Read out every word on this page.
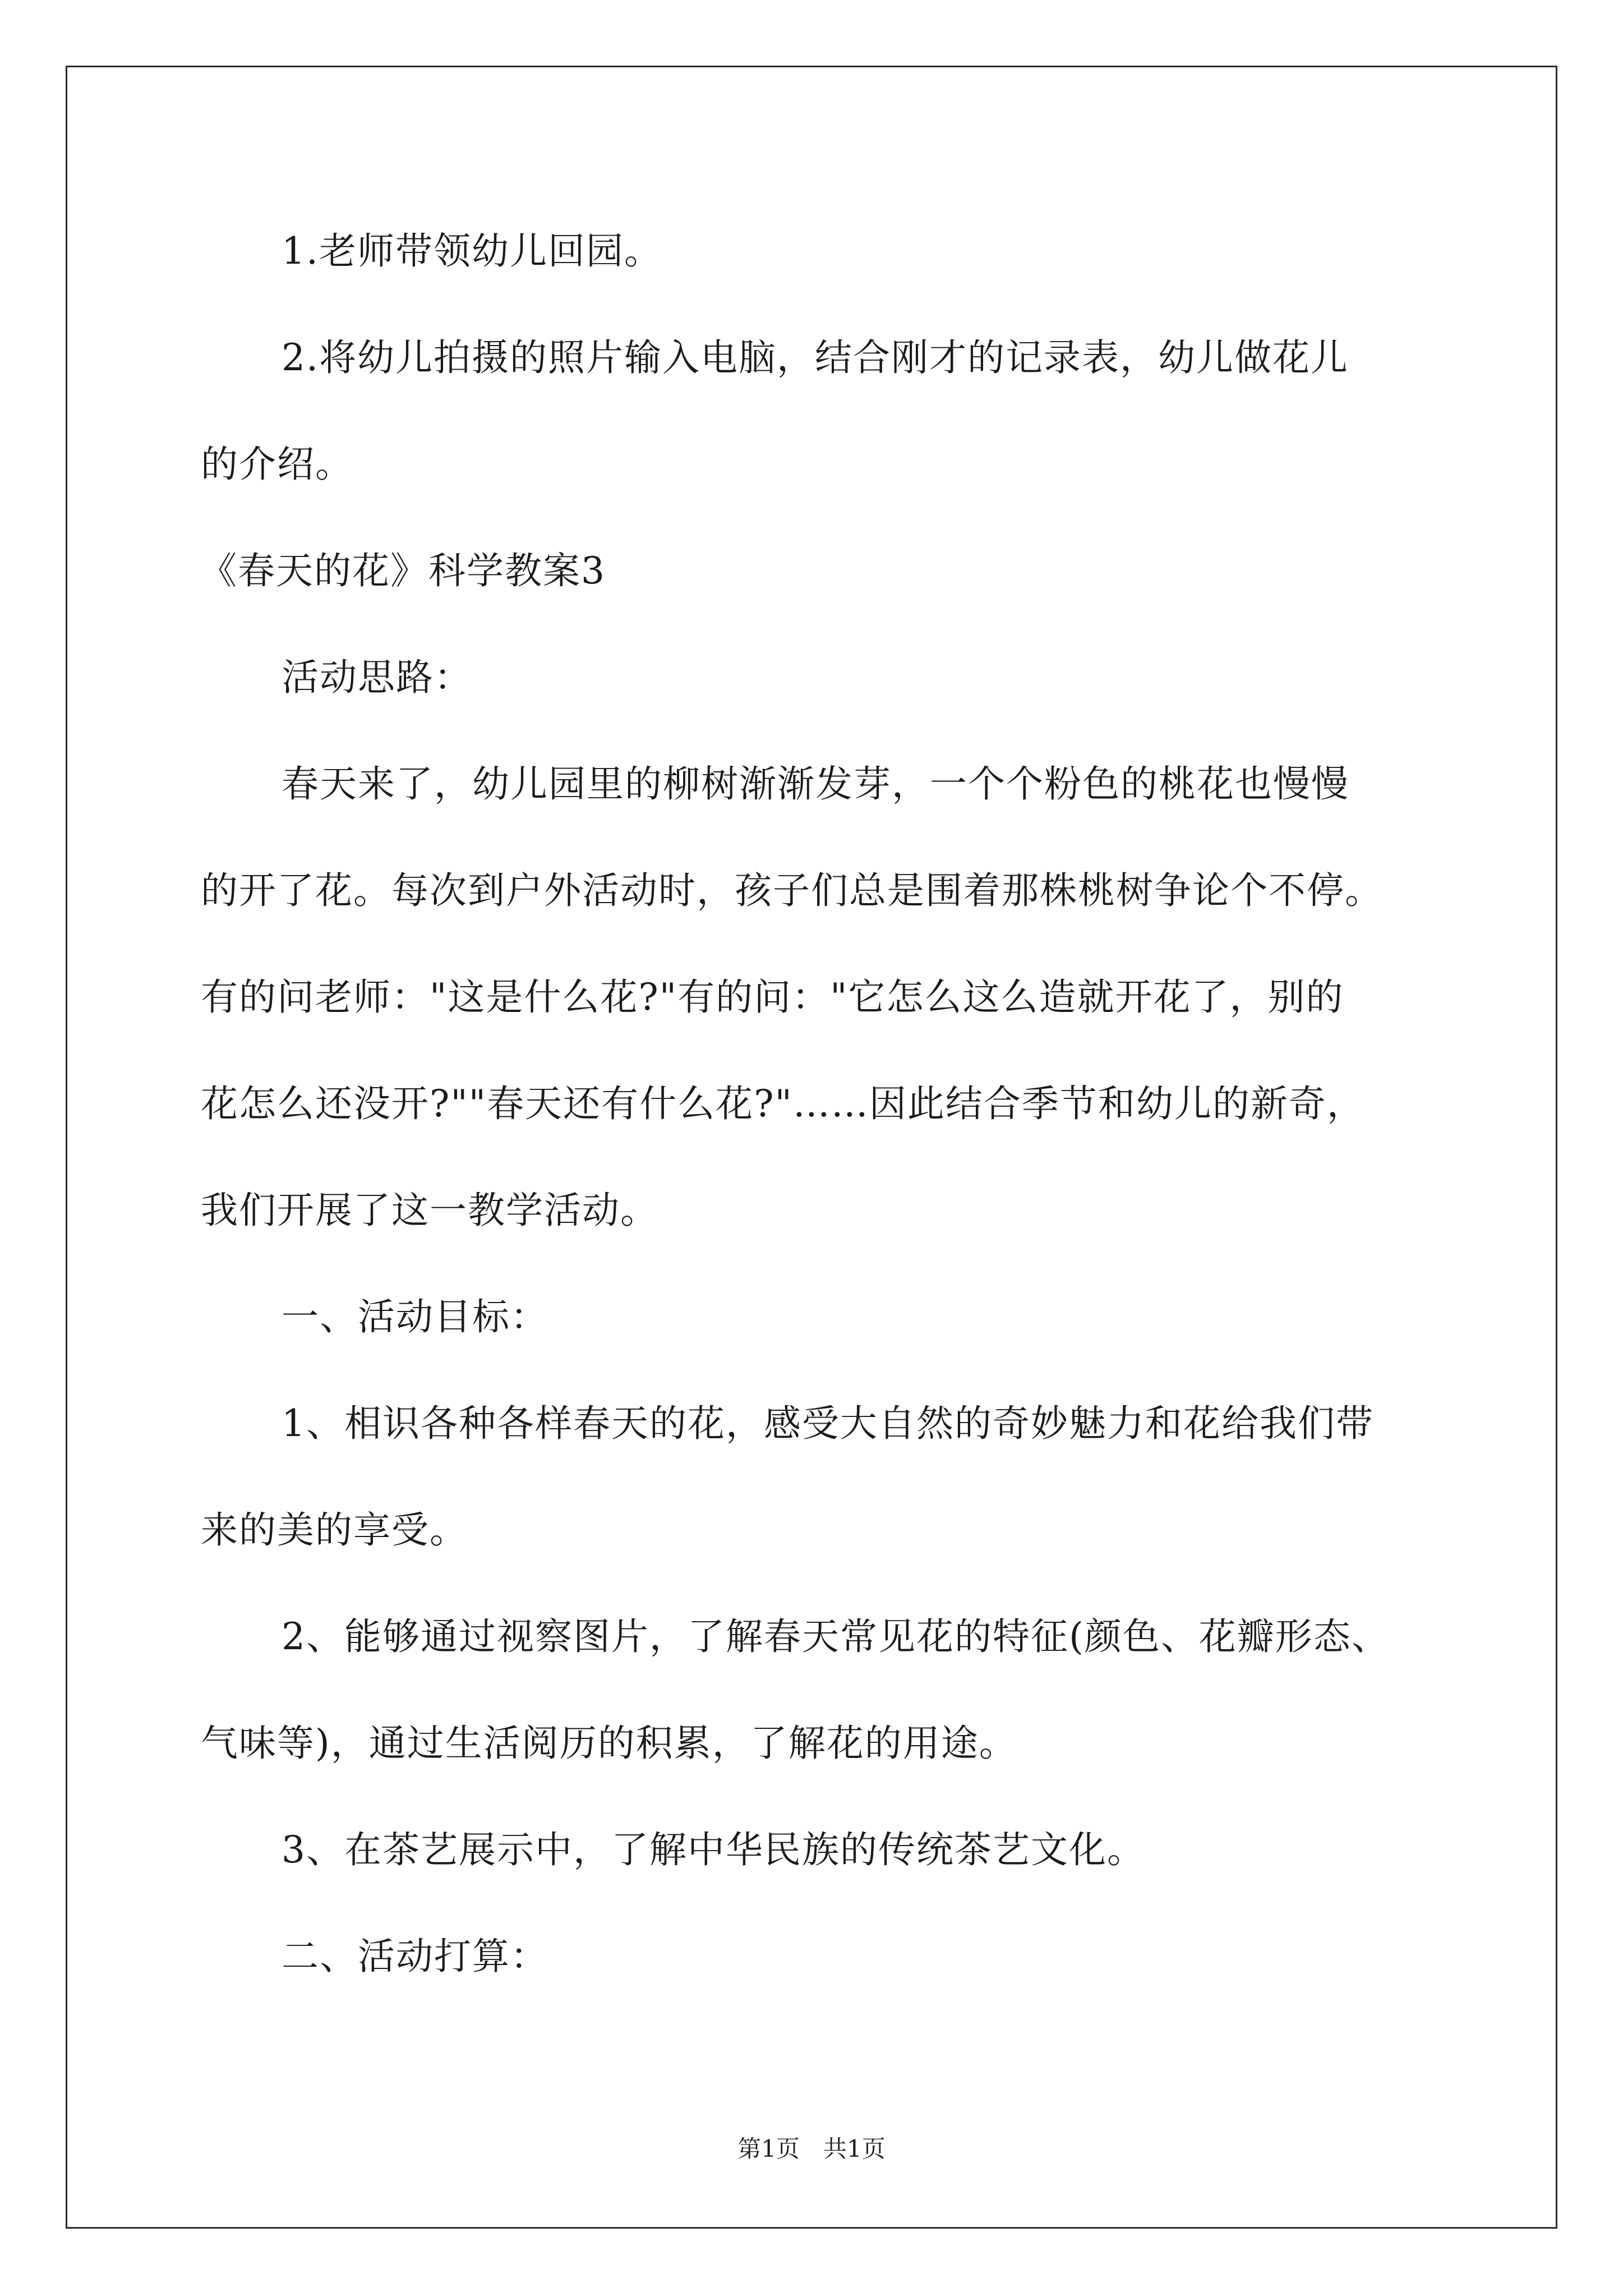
1.老师带领幼儿回园。
2.将幼儿拍摄的照片输入电脑，结合刚才的记录表，幼儿做花儿
的介绍。
《春天的花》科学教案3
活动思路：
春天来了，幼儿园里的柳树渐渐发芽，一个个粉色的桃花也慢慢
的开了花。每次到户外活动时，孩子们总是围着那株桃树争论个不停。
有的问老师："这是什么花?"有的问："它怎么这么造就开花了，别的
花怎么还没开?""春天还有什么花?"……因此结合季节和幼儿的新奇，
我们开展了这一教学活动。
一、活动目标：
1、相识各种各样春天的花，感受大自然的奇妙魅力和花给我们带
来的美的享受。
2、能够通过视察图片，了解春天常见花的特征(颜色、花瓣形态、
气味等)，通过生活阅历的积累，了解花的用途。
3、在茶艺展示中，了解中华民族的传统茶艺文化。
二、活动打算：
第1页　共1页
